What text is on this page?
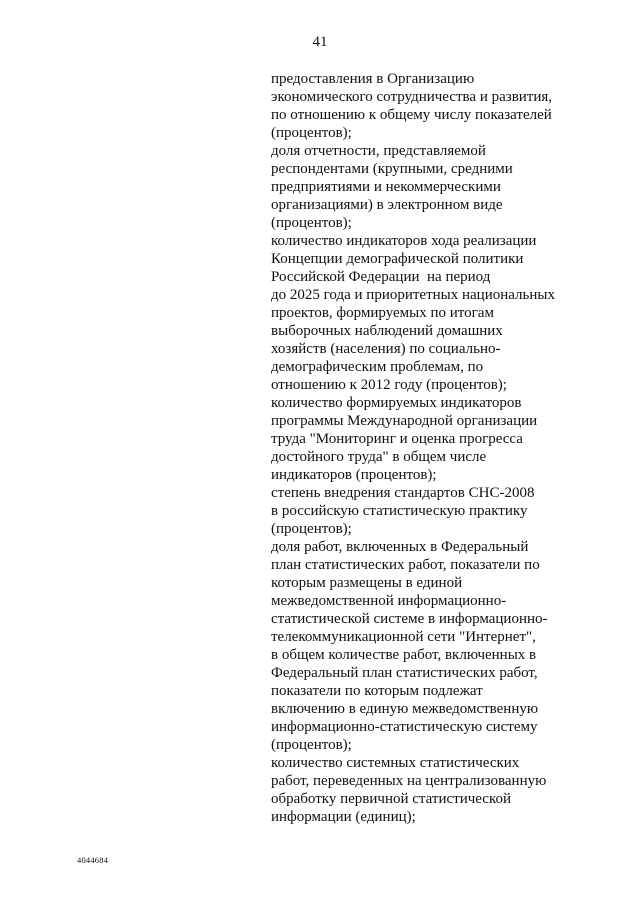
41
предоставления в Организацию
экономического сотрудничества и развития,
по отношению к общему числу показателей
(процентов);
доля отчетности, представляемой
респондентами (крупными, средними
предприятиями и некоммерческими
организациями) в электронном виде
(процентов);
количество индикаторов хода реализации
Концепции демографической политики
Российской Федерации  на период
до 2025 года и приоритетных национальных
проектов, формируемых по итогам
выборочных наблюдений домашних
хозяйств (населения) по социально-
демографическим проблемам, по
отношению к 2012 году (процентов);
количество формируемых индикаторов
программы Международной организации
труда "Мониторинг и оценка прогресса
достойного труда" в общем числе
индикаторов (процентов);
степень внедрения стандартов СНС-2008
в российскую статистическую практику
(процентов);
доля работ, включенных в Федеральный
план статистических работ, показатели по
которым размещены в единой
межведомственной информационно-
статистической системе в информационно-
телекоммуникационной сети "Интернет",
в общем количестве работ, включенных в
Федеральный план статистических работ,
показатели по которым подлежат
включению в единую межведомственную
информационно-статистическую систему
(процентов);
количество системных статистических
работ, переведенных на централизованную
обработку первичной статистической
информации (единиц);
4044684
